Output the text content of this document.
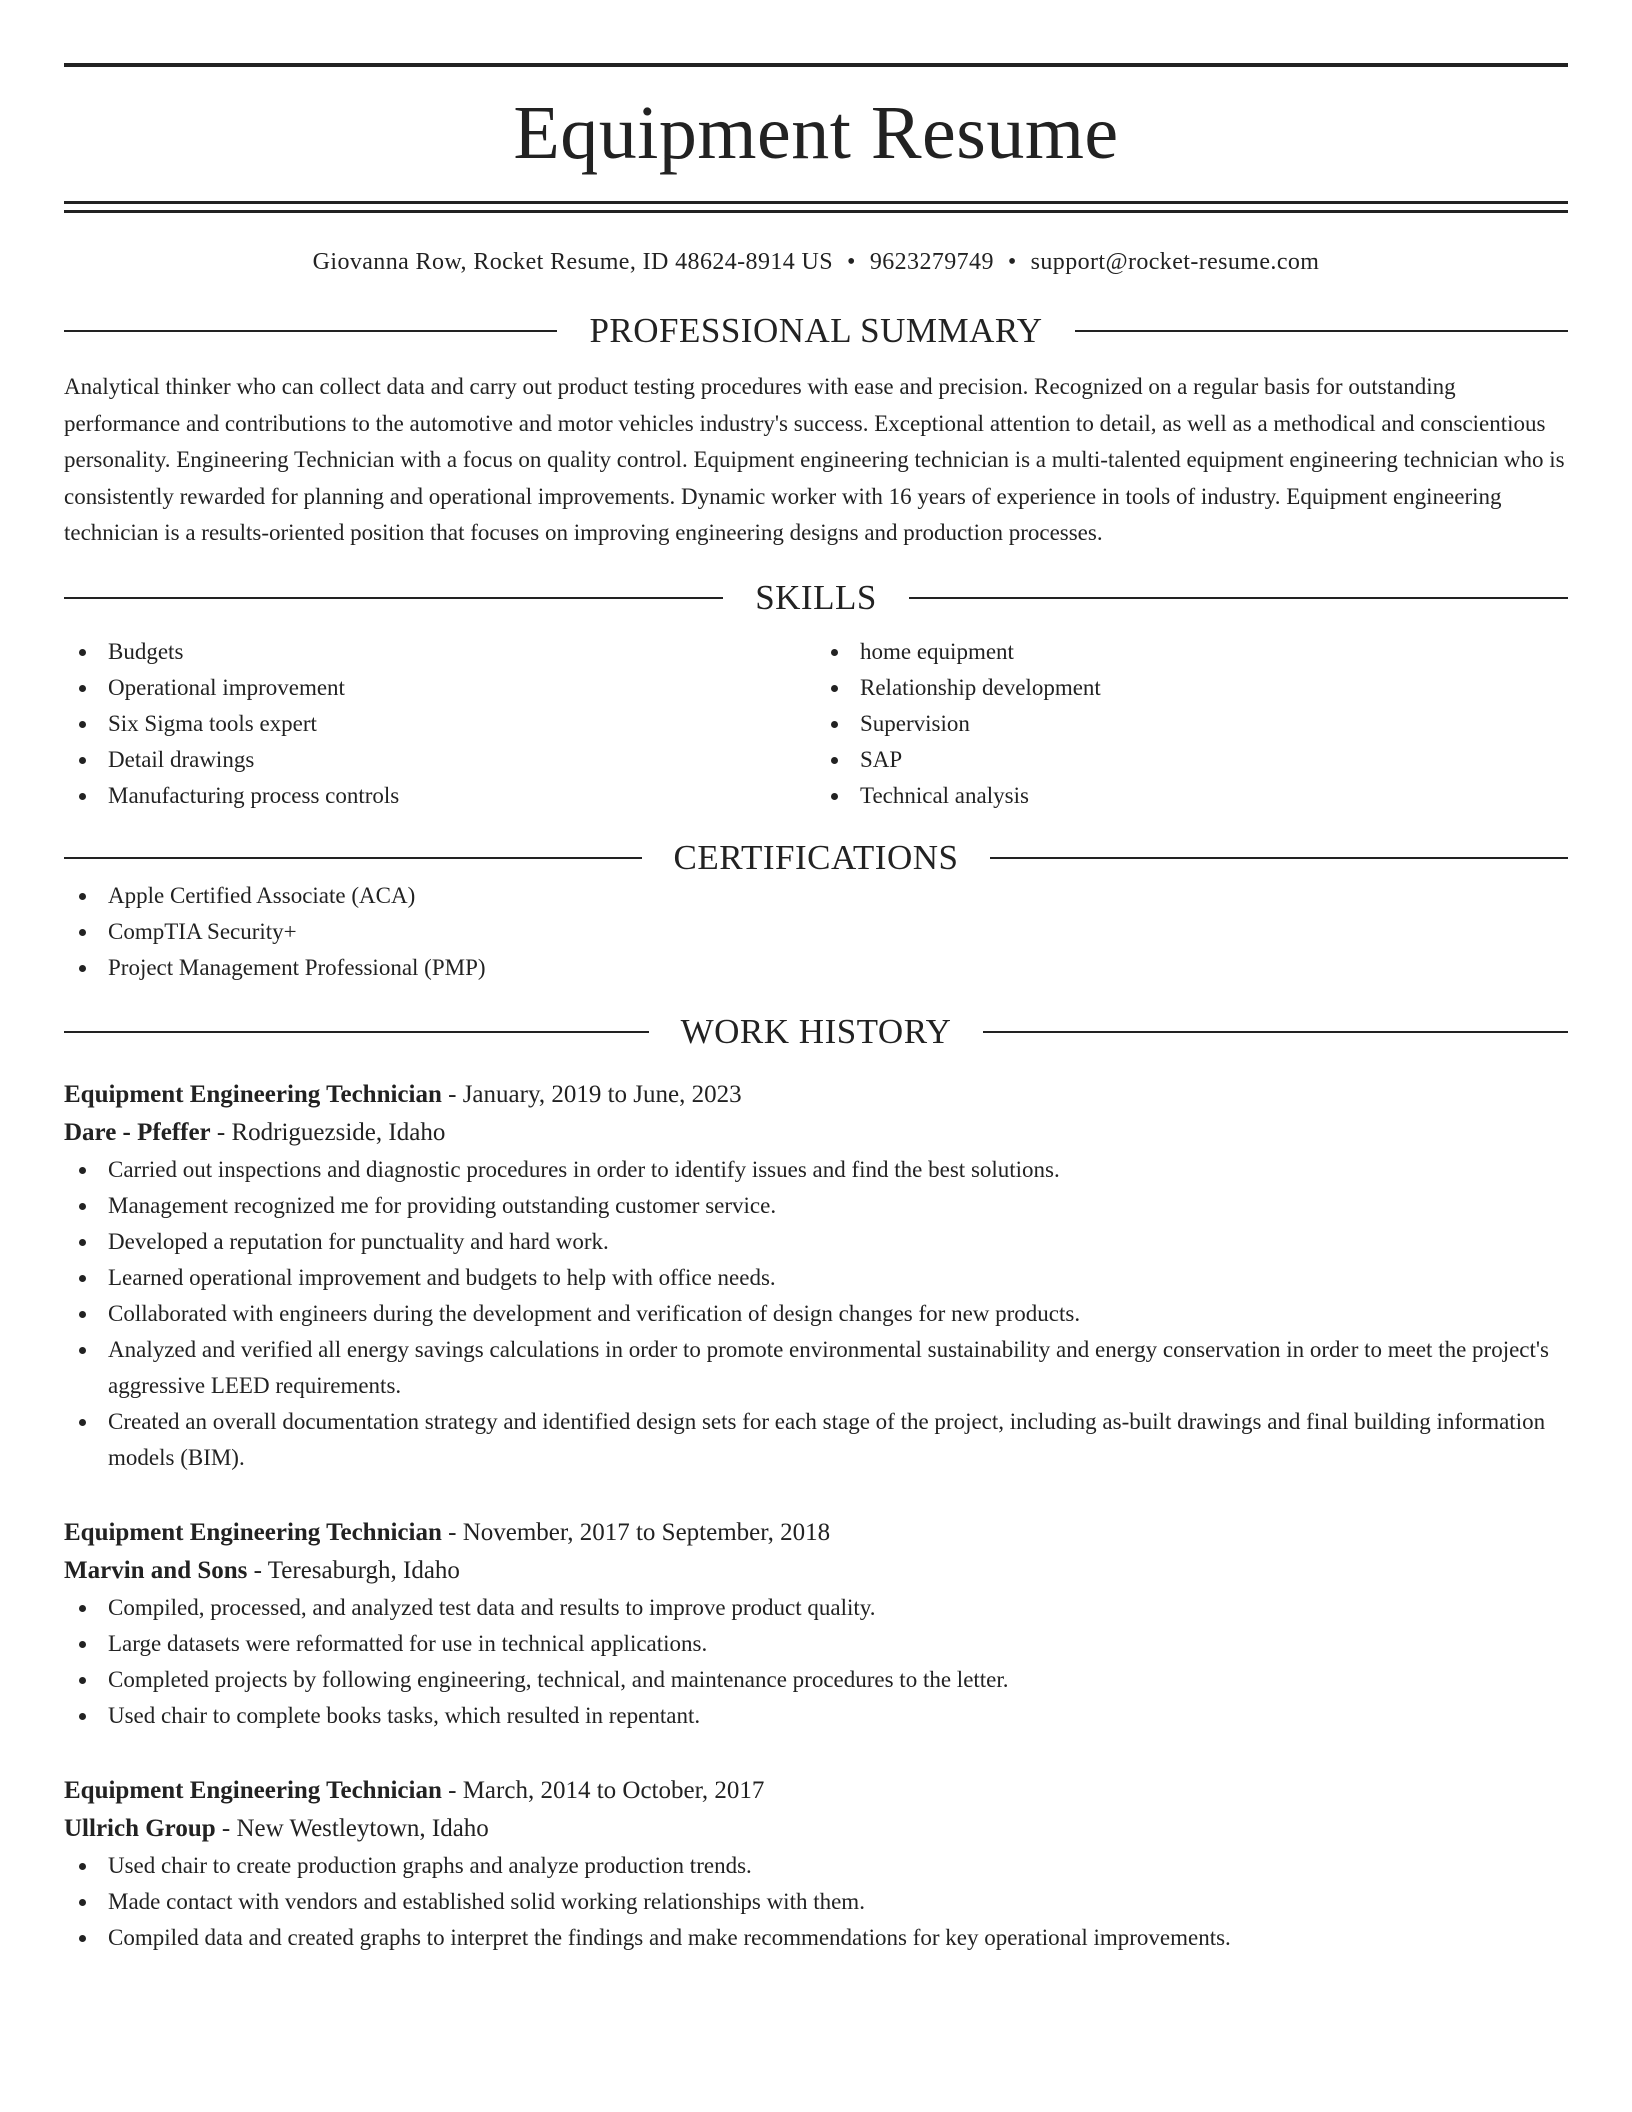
Equipment Resume
Giovanna Row, Rocket Resume, ID 48624-8914 US • 9623279749 • support@rocket-resume.com
PROFESSIONAL SUMMARY
Analytical thinker who can collect data and carry out product testing procedures with ease and precision. Recognized on a regular basis for outstanding performance and contributions to the automotive and motor vehicles industry's success. Exceptional attention to detail, as well as a methodical and conscientious personality. Engineering Technician with a focus on quality control. Equipment engineering technician is a multi-talented equipment engineering technician who is consistently rewarded for planning and operational improvements. Dynamic worker with 16 years of experience in tools of industry. Equipment engineering technician is a results-oriented position that focuses on improving engineering designs and production processes.
SKILLS
Budgets
Operational improvement
Six Sigma tools expert
Detail drawings
Manufacturing process controls
home equipment
Relationship development
Supervision
SAP
Technical analysis
CERTIFICATIONS
Apple Certified Associate (ACA)
CompTIA Security+
Project Management Professional (PMP)
WORK HISTORY
Equipment Engineering Technician - January, 2019 to June, 2023
Dare - Pfeffer - Rodriguezside, Idaho
Carried out inspections and diagnostic procedures in order to identify issues and find the best solutions.
Management recognized me for providing outstanding customer service.
Developed a reputation for punctuality and hard work.
Learned operational improvement and budgets to help with office needs.
Collaborated with engineers during the development and verification of design changes for new products.
Analyzed and verified all energy savings calculations in order to promote environmental sustainability and energy conservation in order to meet the project's aggressive LEED requirements.
Created an overall documentation strategy and identified design sets for each stage of the project, including as-built drawings and final building information models (BIM).
Equipment Engineering Technician - November, 2017 to September, 2018
Marvin and Sons - Teresaburgh, Idaho
Compiled, processed, and analyzed test data and results to improve product quality.
Large datasets were reformatted for use in technical applications.
Completed projects by following engineering, technical, and maintenance procedures to the letter.
Used chair to complete books tasks, which resulted in repentant.
Equipment Engineering Technician - March, 2014 to October, 2017
Ullrich Group - New Westleytown, Idaho
Used chair to create production graphs and analyze production trends.
Made contact with vendors and established solid working relationships with them.
Compiled data and created graphs to interpret the findings and make recommendations for key operational improvements.
